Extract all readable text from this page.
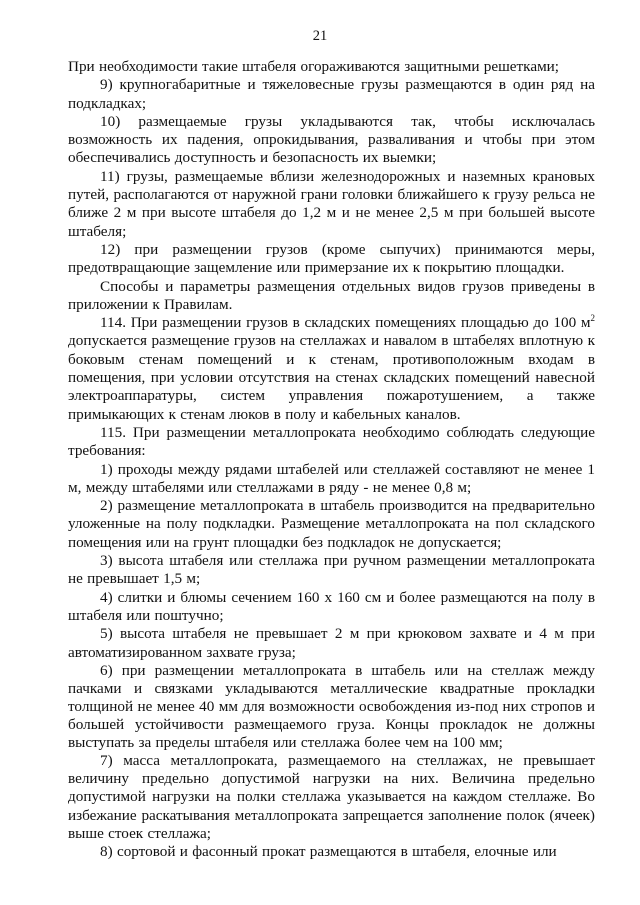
21

При необходимости такие штабеля огораживаются защитными решетками;

9) крупногабаритные и тяжеловесные грузы размещаются в один ряд на подкладках;

10) размещаемые грузы укладываются так, чтобы исключалась возможность их падения, опрокидывания, разваливания и чтобы при этом обеспечивались доступность и безопасность их выемки;

11) грузы, размещаемые вблизи железнодорожных и наземных крановых путей, располагаются от наружной грани головки ближайшего к грузу рельса не ближе 2 м при высоте штабеля до 1,2 м и не менее 2,5 м при большей высоте штабеля;

12) при размещении грузов (кроме сыпучих) принимаются меры, предотвращающие защемление или примерзание их к покрытию площадки.

Способы и параметры размещения отдельных видов грузов приведены в приложении к Правилам.

114. При размещении грузов в складских помещениях площадью до 100 $м^2$ допускается размещение грузов на стеллажах и навалом в штабелях вплотную к боковым стенам помещений и к стенам, противоположным входам в помещения, при условии отсутствия на стенах складских помещений навесной электроаппаратуры, систем управления пожаротушением, а также примыкающих к стенам люков в полу и кабельных каналов.

115. При размещении металлопроката необходимо соблюдать следующие требования:

1) проходы между рядами штабелей или стеллажей составляют не менее 1 м, между штабелями или стеллажами в ряду - не менее 0,8 м;

2) размещение металлопроката в штабель производится на предварительно уложенные на полу подкладки. Размещение металлопроката на пол складского помещения или на грунт площадки без подкладок не допускается;

3) высота штабеля или стеллажа при ручном размещении металлопроката не превышает 1,5 м;

4) слитки и блюмы сечением 160 х 160 см и более размещаются на полу в штабеля или поштучно;

5) высота штабеля не превышает 2 м при крюковом захвате и 4 м при автоматизированном захвате груза;

6) при размещении металлопроката в штабель или на стеллаж между пачками и связками укладываются металлические квадратные прокладки толщиной не менее 40 мм для возможности освобождения из-под них стропов и большей устойчивости размещаемого груза. Концы прокладок не должны выступать за пределы штабеля или стеллажа более чем на 100 мм;

7) масса металлопроката, размещаемого на стеллажах, не превышает величину предельно допустимой нагрузки на них. Величина предельно допустимой нагрузки на полки стеллажа указывается на каждом стеллаже. Во избежание раскатывания металлопроката запрещается заполнение полок (ячеек) выше стоек стеллажа;

8) сортовой и фасонный прокат размещаются в штабеля, елочные или
